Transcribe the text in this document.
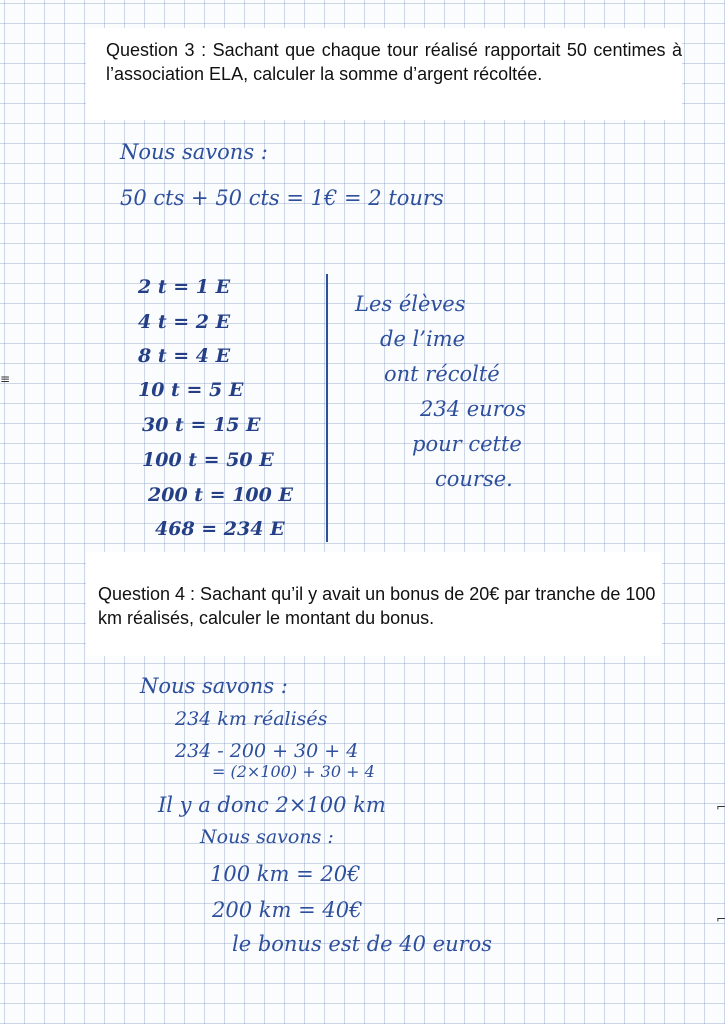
Question 3 : Sachant que chaque tour réalisé rapportait 50 centimes à l’association ELA, calculer la somme d’argent récoltée.

Nous savons :
50 cts + 50 cts = 1€ = 2 tours
2 t = 1 E
4 t = 2 E
8 t = 4 E
10 t = 5 E
30 t = 15 E
100 t = 50 E
200 t = 100 E
468 = 234 E
Les élèves
de l’ime
ont récolté
234 euros
pour cette
course.

Question 4 : Sachant qu’il y avait un bonus de 20€ par tranche de 100 km réalisés, calculer le montant du bonus.

Nous savons :
234 km réalisés
234 - 200 + 30 + 4
= (2×100) + 30 + 4
Il y a donc 2×100 km
Nous savons :
100 km = 20€
200 km = 40€
le bonus est de 40 euros
⌐
⌐
≡
